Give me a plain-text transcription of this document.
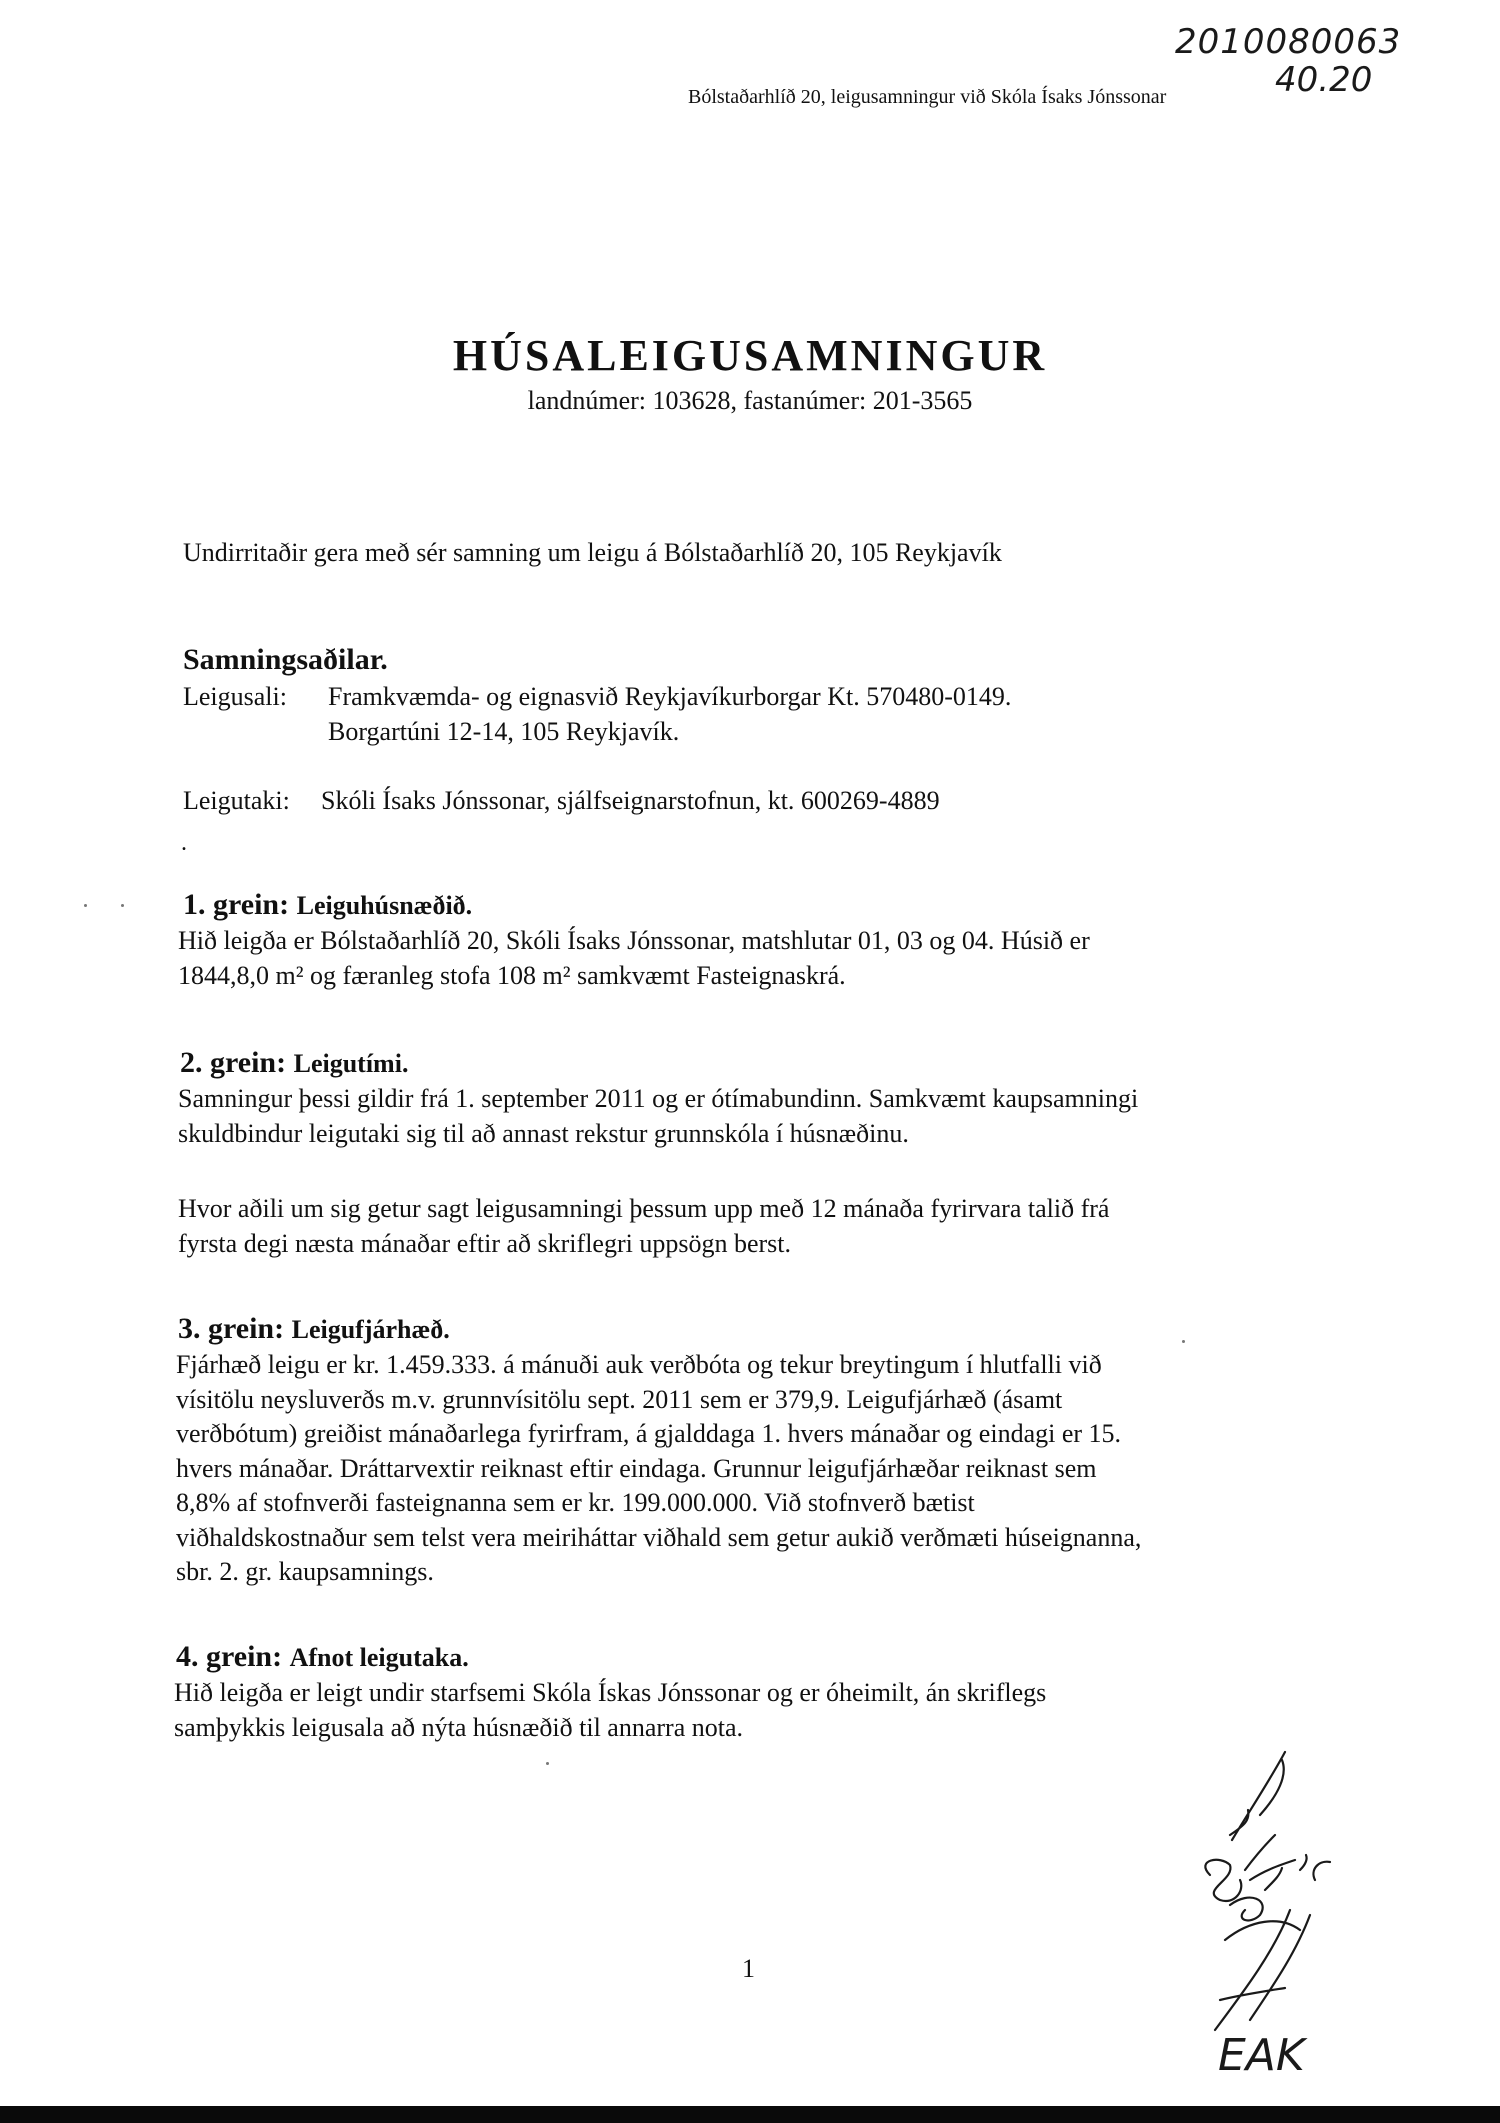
Bólstaðarhlíð 20, leigusamningur við Skóla Ísaks Jónssonar
2010080063
40.20
HÚSALEIGUSAMNINGUR
landnúmer: 103628, fastanúmer: 201-3565
Undirritaðir gera með sér samning um leigu á Bólstaðarhlíð 20, 105 Reykjavík
Samningsaðilar.
Leigusali: Framkvæmda- og eignasvið Reykjavíkurborgar Kt. 570480-0149.
Borgartúni 12-14, 105 Reykjavík.
Leigutaki: Skóli Ísaks Jónssonar, sjálfseignarstofnun, kt. 600269-4889
.
1. grein: Leiguhúsnæðið.
Hið leigða er Bólstaðarhlíð 20, Skóli Ísaks Jónssonar, matshlutar 01, 03 og 04. Húsið er
1844,8,0 m² og færanleg stofa 108 m² samkvæmt Fasteignaskrá.
2. grein: Leigutími.
Samningur þessi gildir frá 1. september 2011 og er ótímabundinn. Samkvæmt kaupsamningi
skuldbindur leigutaki sig til að annast rekstur grunnskóla í húsnæðinu.
Hvor aðili um sig getur sagt leigusamningi þessum upp með 12 mánaða fyrirvara talið frá
fyrsta degi næsta mánaðar eftir að skriflegri uppsögn berst.
3. grein: Leigufjárhæð.
Fjárhæð leigu er kr. 1.459.333. á mánuði auk verðbóta og tekur breytingum í hlutfalli við
vísitölu neysluverðs m.v. grunnvísitölu sept. 2011 sem er 379,9. Leigufjárhæð (ásamt
verðbótum) greiðist mánaðarlega fyrirfram, á gjalddaga 1. hvers mánaðar og eindagi er 15.
hvers mánaðar. Dráttarvextir reiknast eftir eindaga. Grunnur leigufjárhæðar reiknast sem
8,8% af stofnverði fasteignanna sem er kr. 199.000.000. Við stofnverð bætist
viðhaldskostnaður sem telst vera meiriháttar viðhald sem getur aukið verðmæti húseignanna,
sbr. 2. gr. kaupsamnings.
4. grein: Afnot leigutaka.
Hið leigða er leigt undir starfsemi Skóla Ískas Jónssonar og er óheimilt, án skriflegs
samþykkis leigusala að nýta húsnæðið til annarra nota.
1
EAK
